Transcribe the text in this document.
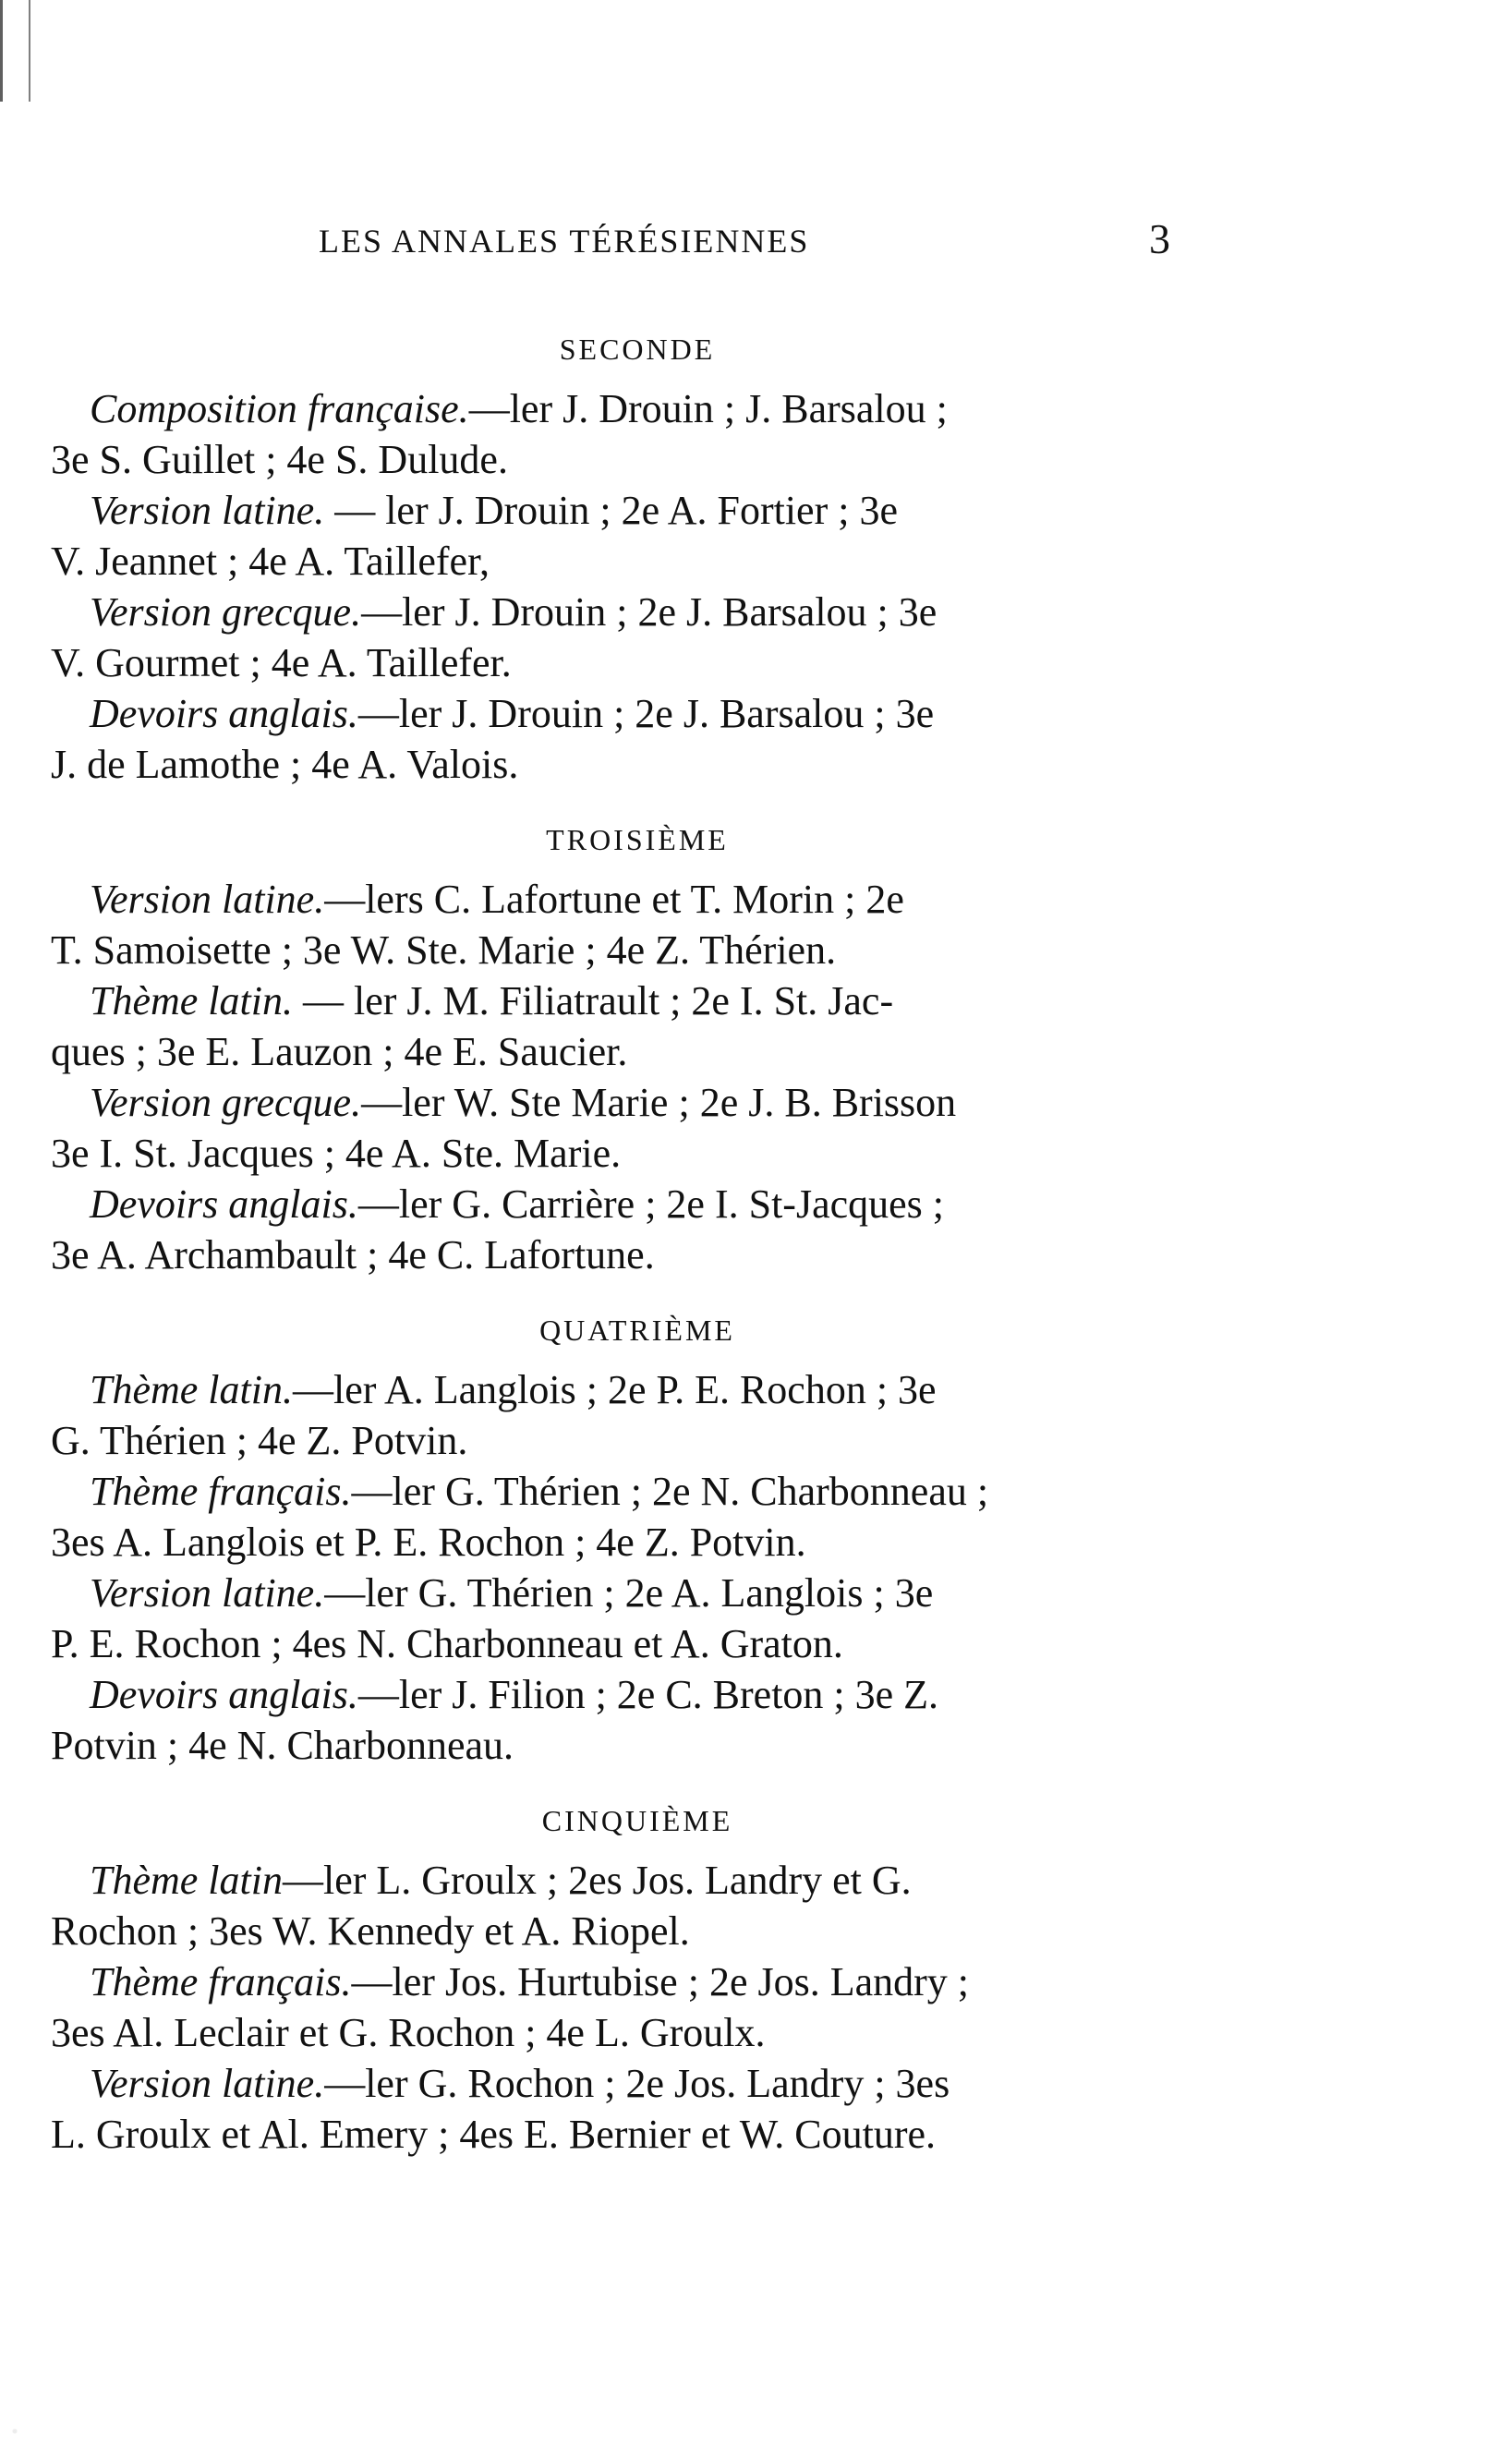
LES ANNALES TÉRÉSIENNES	3
SECONDE

Composition française.—ler J. Drouin ; J. Barsalou ;
3e S. Guillet ; 4e S. Dulude.

Version latine. — ler J. Drouin ; 2e A. Fortier ; 3e
V. Jeannet ; 4e A. Taillefer,

Version grecque.—ler J. Drouin ; 2e J. Barsalou ; 3e
V. Gourmet ; 4e A. Taillefer.

Devoirs anglais.—ler J. Drouin ; 2e J. Barsalou ; 3e
J. de Lamothe ; 4e A. Valois.

TROISIÈME

Version latine.—lers C. Lafortune et T. Morin ; 2e
T. Samoisette ; 3e W. Ste. Marie ; 4e Z. Thérien.

Thème latin. — ler J. M. Filiatrault ; 2e I. St. Jac-
ques ; 3e E. Lauzon ; 4e E. Saucier.

Version grecque.—ler W. Ste Marie ; 2e J. B. Brisson
3e I. St. Jacques ; 4e A. Ste. Marie.

Devoirs anglais.—ler G. Carrière ; 2e I. St-Jacques ;
3e A. Archambault ; 4e C. Lafortune.

QUATRIÈME

Thème latin.—ler A. Langlois ; 2e P. E. Rochon ; 3e
G. Thérien ; 4e Z. Potvin.

Thème français.—ler G. Thérien ; 2e N. Charbonneau ;
3es A. Langlois et P. E. Rochon ; 4e Z. Potvin.

Version latine.—ler G. Thérien ; 2e A. Langlois ; 3e
P. E. Rochon ; 4es N. Charbonneau et A. Graton.

Devoirs anglais.—ler J. Filion ; 2e C. Breton ; 3e Z.
Potvin ; 4e N. Charbonneau.

CINQUIÈME

Thème latin—ler L. Groulx ; 2es Jos. Landry et G.
Rochon ; 3es W. Kennedy et A. Riopel.

Thème français.—ler Jos. Hurtubise ; 2e Jos. Landry ;
3es Al. Leclair et G. Rochon ; 4e L. Groulx.

Version latine.—ler G. Rochon ; 2e Jos. Landry ; 3es
L. Groulx et Al. Emery ; 4es E. Bernier et W. Couture.
